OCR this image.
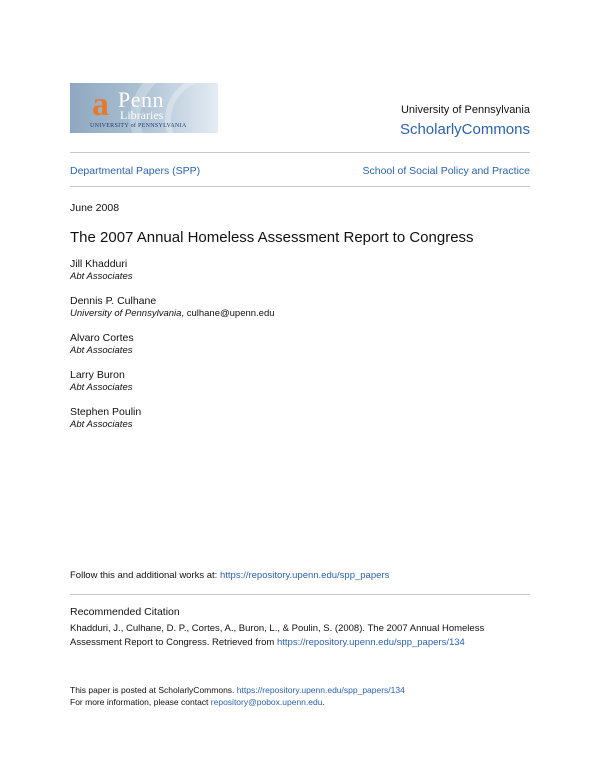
a Penn
Libraries
UNIVERSITY of PENNSYLVANIA
University of Pennsylvania
ScholarlyCommons
Departmental Papers (SPP)	School of Social Policy and Practice
June 2008
The 2007 Annual Homeless Assessment Report to Congress
Jill Khadduri
Abt Associates
Dennis P. Culhane
University of Pennsylvania, culhane@upenn.edu
Alvaro Cortes
Abt Associates
Larry Buron
Abt Associates
Stephen Poulin
Abt Associates
Follow this and additional works at: https://repository.upenn.edu/spp_papers
Recommended Citation
Khadduri, J., Culhane, D. P., Cortes, A., Buron, L., & Poulin, S. (2008). The 2007 Annual Homeless
Assessment Report to Congress. Retrieved from https://repository.upenn.edu/spp_papers/134
This paper is posted at ScholarlyCommons. https://repository.upenn.edu/spp_papers/134
For more information, please contact repository@pobox.upenn.edu.
